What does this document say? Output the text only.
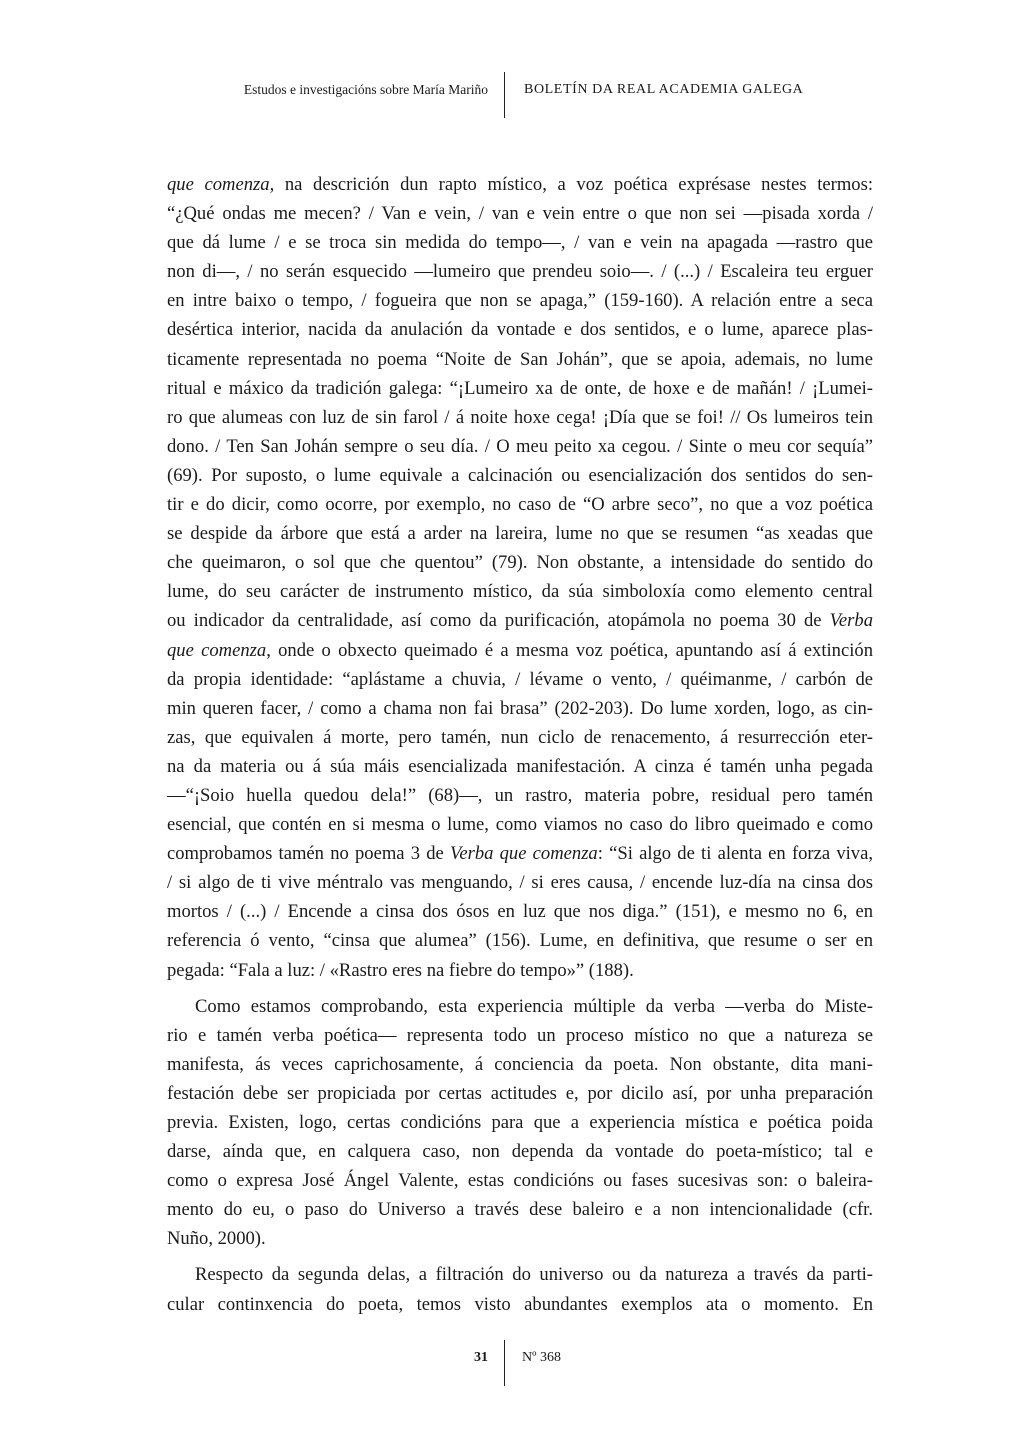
Estudos e investigacións sobre María Mariño	BOLETÍN DA REAL ACADEMIA GALEGA
que comenza, na descrición dun rapto místico, a voz poética exprésase nestes termos:
“¿Qué ondas me mecen? / Van e vein, / van e vein entre o que non sei —pisada xorda /
que dá lume / e se troca sin medida do tempo—, / van e vein na apagada —rastro que
non di—, / no serán esquecido —lumeiro que prendeu soio—. / (...) / Escaleira teu erguer
en intre baixo o tempo, / fogueira que non se apaga,” (159-160). A relación entre a seca
desértica interior, nacida da anulación da vontade e dos sentidos, e o lume, aparece plas-
ticamente representada no poema “Noite de San Johán”, que se apoia, ademais, no lume
ritual e máxico da tradición galega: “¡Lumeiro xa de onte, de hoxe e de mañán! / ¡Lumei-
ro que alumeas con luz de sin farol / á noite hoxe cega! ¡Día que se foi! // Os lumeiros tein
dono. / Ten San Johán sempre o seu día. / O meu peito xa cegou. / Sinte o meu cor sequía”
(69). Por suposto, o lume equivale a calcinación ou esencialización dos sentidos do sen-
tir e do dicir, como ocorre, por exemplo, no caso de “O arbre seco”, no que a voz poética
se despide da árbore que está a arder na lareira, lume no que se resumen “as xeadas que
che queimaron, o sol que che quentou” (79). Non obstante, a intensidade do sentido do
lume, do seu carácter de instrumento místico, da súa simboloxía como elemento central
ou indicador da centralidade, así como da purificación, atopámola no poema 30 de Verba
que comenza, onde o obxecto queimado é a mesma voz poética, apuntando así á extinción
da propia identidade: “aplástame a chuvia, / lévame o vento, / quéimanme, / carbón de
min queren facer, / como a chama non fai brasa” (202-203). Do lume xorden, logo, as cin-
zas, que equivalen á morte, pero tamén, nun ciclo de renacemento, á resurrección eter-
na da materia ou á súa máis esencializada manifestación. A cinza é tamén unha pegada
—“¡Soio huella quedou dela!” (68)—, un rastro, materia pobre, residual pero tamén
esencial, que contén en si mesma o lume, como viamos no caso do libro queimado e como
comprobamos tamén no poema 3 de Verba que comenza: “Si algo de ti alenta en forza viva,
/ si algo de ti vive méntralo vas menguando, / si eres causa, / encende luz-día na cinsa dos
mortos / (...) / Encende a cinsa dos ósos en luz que nos diga.” (151), e mesmo no 6, en
referencia ó vento, “cinsa que alumea” (156). Lume, en definitiva, que resume o ser en
pegada: “Fala a luz: / «Rastro eres na fiebre do tempo»” (188).
Como estamos comprobando, esta experiencia múltiple da verba —verba do Miste-
rio e tamén verba poética— representa todo un proceso místico no que a natureza se
manifesta, ás veces caprichosamente, á conciencia da poeta. Non obstante, dita mani-
festación debe ser propiciada por certas actitudes e, por dicilo así, por unha preparación
previa. Existen, logo, certas condicións para que a experiencia mística e poética poida
darse, aínda que, en calquera caso, non dependa da vontade do poeta-místico; tal e
como o expresa José Ángel Valente, estas condicións ou fases sucesivas son: o baleira-
mento do eu, o paso do Universo a través dese baleiro e a non intencionalidade (cfr.
Nuño, 2000).
Respecto da segunda delas, a filtración do universo ou da natureza a través da parti-
cular continxencia do poeta, temos visto abundantes exemplos ata o momento. En
31 Nº 368
